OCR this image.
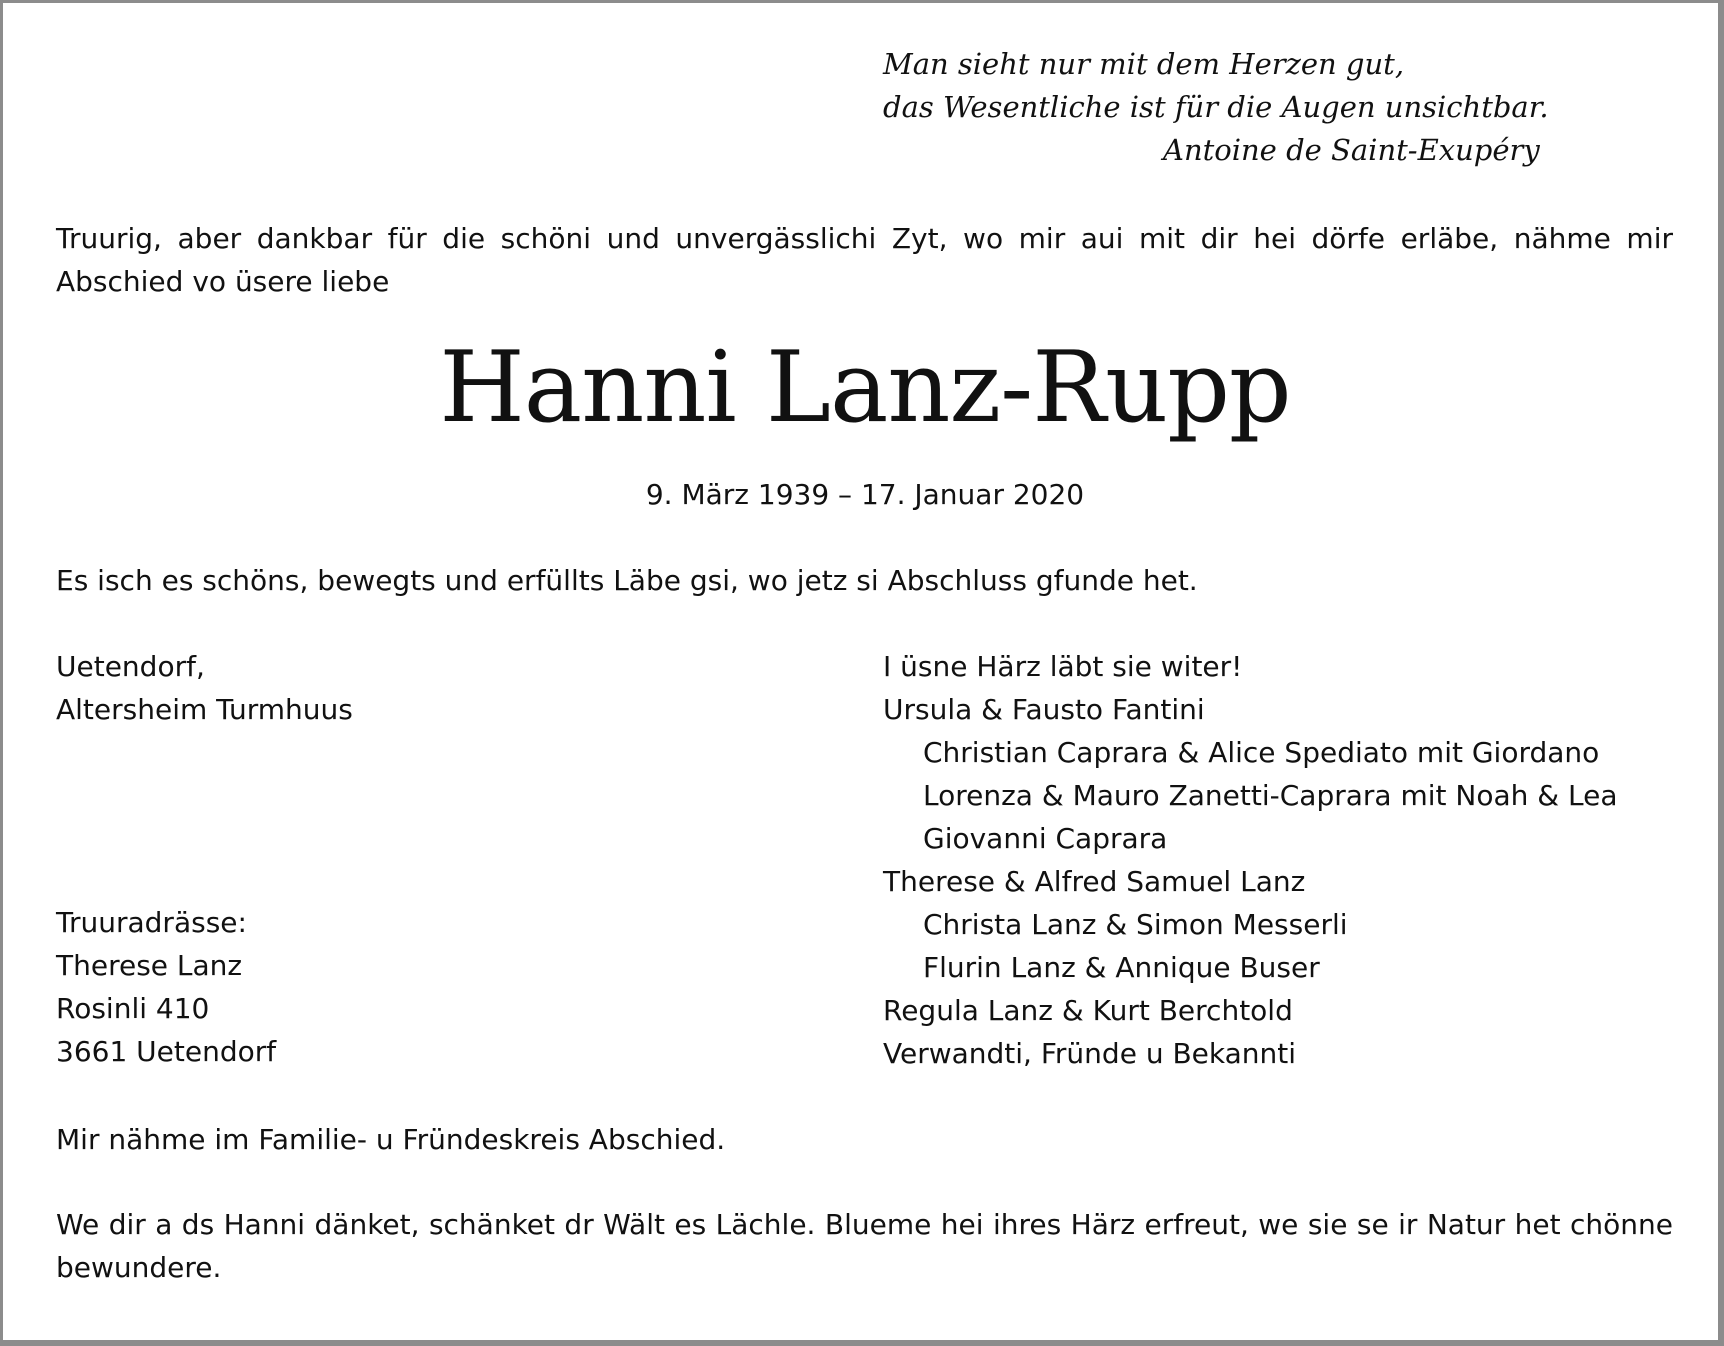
Man sieht nur mit dem Herzen gut,
das Wesentliche ist für die Augen unsichtbar.
Antoine de Saint-Exupéry
Truurig, aber dankbar für die schöni und unvergässlichi Zyt, wo mir aui mit dir hei dörfe erläbe, nähme mir Abschied vo üsere liebe
Hanni Lanz-Rupp
9. März 1939 – 17. Januar 2020
Es isch es schöns, bewegts und erfüllts Läbe gsi, wo jetz si Abschluss gfunde het.
Uetendorf,
Altersheim Turmhuus
Truuradrässe:
Therese Lanz
Rosinli 410
3661 Uetendorf
I üsne Härz läbt sie witer!
Ursula & Fausto Fantini
Christian Caprara & Alice Spediato mit Giordano
Lorenza & Mauro Zanetti-Caprara mit Noah & Lea
Giovanni Caprara
Therese & Alfred Samuel Lanz
Christa Lanz & Simon Messerli
Flurin Lanz & Annique Buser
Regula Lanz & Kurt Berchtold
Verwandti, Fründe u Bekannti
Mir nähme im Familie- u Fründeskreis Abschied.
We dir a ds Hanni dänket, schänket dr Wält es Lächle. Blueme hei ihres Härz erfreut, we sie se ir Natur het chönne bewundere.
